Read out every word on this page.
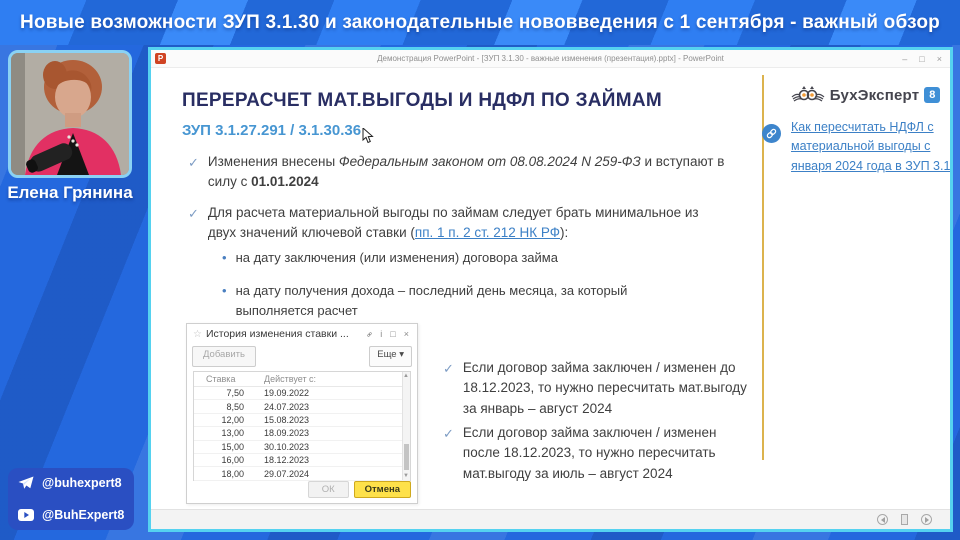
Новые возможности ЗУП 3.1.30 и законодательные нововведения с 1 сентября - важный обзор
Елена Грянина
@buhexpert8
@BuhExpert8
P	Демонстрация PowerPoint - [ЗУП 3.1.30 - важные изменения (презентация).pptx] - PowerPoint	– □ ×
ПЕРЕРАСЧЕТ МАТ.ВЫГОДЫ И НДФЛ ПО ЗАЙМАМ
ЗУП 3.1.27.291 / 3.1.30.36
✓ Изменения внесены Федеральным законом от 08.08.2024 N 259-ФЗ и вступают в силу с 01.01.2024
✓ Для расчета материальной выгоды по займам следует брать минимальное из двух значений ключевой ставки (пп. 1 п. 2 ст. 212 НК РФ):
• на дату заключения (или изменения) договора займа
• на дату получения дохода – последний день месяца, за который выполняется расчет
✓ Если договор займа заключен / изменен до 18.12.2023, то нужно пересчитать мат.выгоду за январь – август 2024
✓ Если договор займа заключен / изменен после 18.12.2023, то нужно пересчитать мат.выгоду за июль – август 2024
БухЭксперт 8
Как пересчитать НДФЛ с материальной выгоды с января 2024 года в ЗУП 3.1
☆ История изменения ставки ...	i □ ×
Добавить	Еще ▾
Ставка	Действует с:
7,50	19.09.2022
8,50	24.07.2023
12,00	15.08.2023
13,00	18.09.2023
15,00	30.10.2023
16,00	18.12.2023
18,00	29.07.2024
▲
▼
ОК	Отмена
